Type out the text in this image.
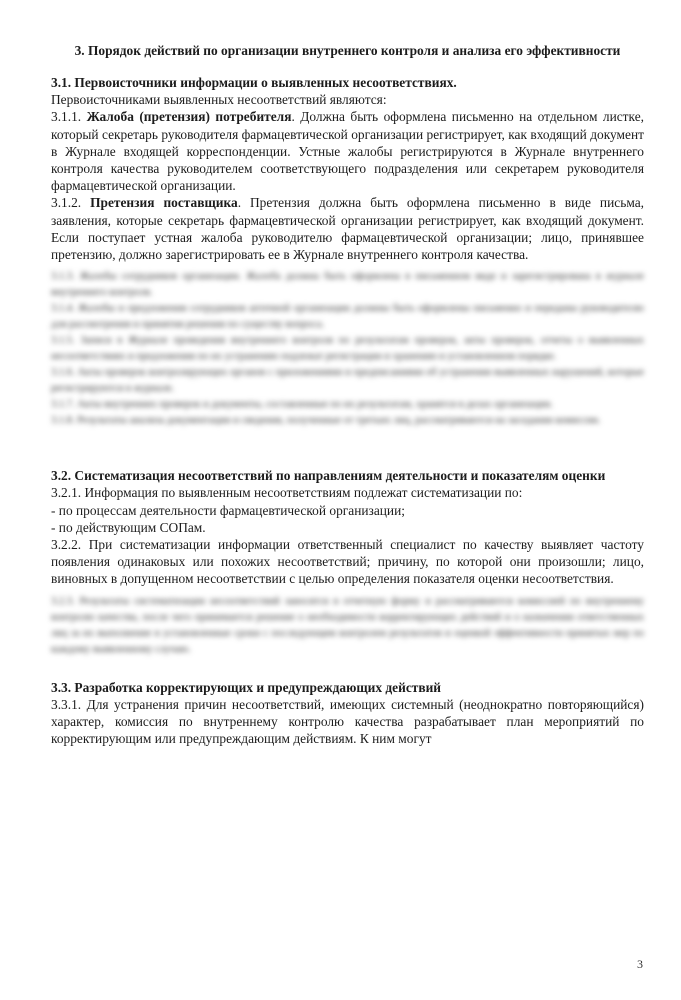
3. Порядок действий по организации внутреннего контроля и анализа его эффективности

3.1. Первоисточники информации о выявленных несоответствиях.

Первоисточниками выявленных несоответствий являются:

3.1.1. Жалоба (претензия) потребителя. Должна быть оформлена письменно на отдельном листке, который секретарь руководителя фармацевтической организации регистрирует, как входящий документ в Журнале входящей корреспонденции. Устные жалобы регистрируются в Журнале внутреннего контроля качества руководителем соответствующего подразделения или секретарем руководителя фармацевтической организации.

3.1.2. Претензия поставщика. Претензия должна быть оформлена письменно в виде письма, заявления, которые секретарь фармацевтической организации регистрирует, как входящий документ. Если поступает устная жалоба руководителю фармацевтической организации; лицо, принявшее претензию, должно зарегистрировать ее в Журнале внутреннего контроля качества.

3.1.3. Жалобы сотрудников организации. Жалоба должна быть оформлена в письменном виде и зарегистрирована в журнале внутреннего контроля.
3.1.4. Жалобы и предложения сотрудников аптечной организации должны быть оформлены письменно и переданы руководителю для рассмотрения и принятия решения по существу вопроса.
3.1.5. Записи в Журнале проведения внутреннего контроля по результатам проверок, акты проверок, отчеты о выявленных несоответствиях и предложения по их устранению подлежат регистрации и хранению в установленном порядке.
3.1.6. Акты проверок контролирующих органов с приложениями и предписаниями об устранении выявленных нарушений, которые регистрируются в журнале.
3.1.7. Акты внутренних проверок и документы, составленные по их результатам, хранятся в делах организации.
3.1.8. Результаты анализа документации и сведения, полученные от третьих лиц, рассматриваются на заседании комиссии.

3.2. Систематизация несоответствий по направлениям деятельности и показателям оценки

3.2.1. Информация по выявленным несоответствиям подлежат систематизации по:

- по процессам деятельности фармацевтической организации;

- по действующим СОПам.

3.2.2. При систематизации информации ответственный специалист по качеству выявляет частоту появления одинаковых или похожих несоответствий; причину, по которой они произошли; лицо, виновных в допущенном несоответствии с целью определения показателя оценки несоответствия.

3.2.3. Результаты систематизации несоответствий заносятся в отчетную форму и рассматриваются комиссией по внутреннему контролю качества, после чего принимается решение о необходимости корректирующих действий и о назначении ответственных лиц за их выполнение в установленные сроки с последующим контролем результатов и оценкой эффективности принятых мер по каждому выявленному случаю.

3.3. Разработка корректирующих и предупреждающих действий

3.3.1. Для устранения причин несоответствий, имеющих системный (неоднократно повторяющийся) характер, комиссия по внутреннему контролю качества разрабатывает план мероприятий по корректирующим или предупреждающим действиям. К ним могут

3
